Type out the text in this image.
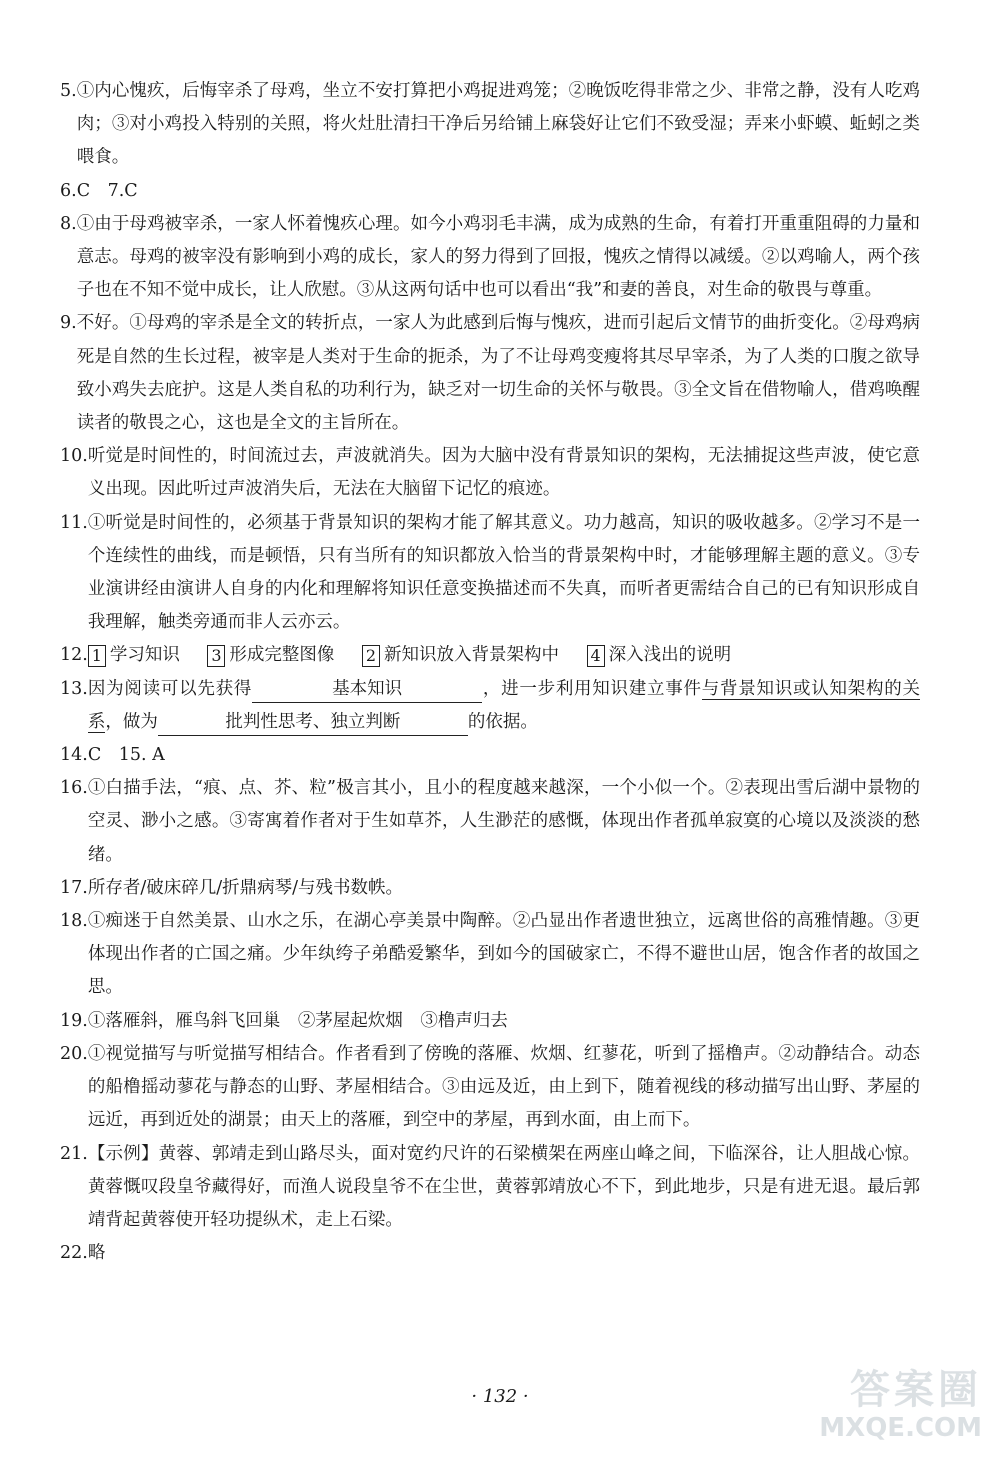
5. ①内心愧疚，后悔宰杀了母鸡，坐立不安打算把小鸡捉进鸡笼；②晚饭吃得非常之少、非常之静，没有人吃鸡肉；③对小鸡投入特别的关照，将火灶肚清扫干净后另给铺上麻袋好让它们不致受湿；弄来小虾蟆、蚯蚓之类喂食。
6. C　7.C
8. ①由于母鸡被宰杀，一家人怀着愧疚心理。如今小鸡羽毛丰满，成为成熟的生命，有着打开重重阻碍的力量和意志。母鸡的被宰没有影响到小鸡的成长，家人的努力得到了回报，愧疚之情得以减缓。②以鸡喻人，两个孩子也在不知不觉中成长，让人欣慰。③从这两句话中也可以看出“我”和妻的善良，对生命的敬畏与尊重。
9. 不好。①母鸡的宰杀是全文的转折点，一家人为此感到后悔与愧疚，进而引起后文情节的曲折变化。②母鸡病死是自然的生长过程，被宰是人类对于生命的扼杀，为了不让母鸡变瘦将其尽早宰杀，为了人类的口腹之欲导致小鸡失去庇护。这是人类自私的功利行为，缺乏对一切生命的关怀与敬畏。③全文旨在借物喻人，借鸡唤醒读者的敬畏之心，这也是全文的主旨所在。
10. 听觉是时间性的，时间流过去，声波就消失。因为大脑中没有背景知识的架构，无法捕捉这些声波，使它意义出现。因此听过声波消失后，无法在大脑留下记忆的痕迹。
11. ①听觉是时间性的，必须基于背景知识的架构才能了解其意义。功力越高，知识的吸收越多。②学习不是一个连续性的曲线，而是顿悟，只有当所有的知识都放入恰当的背景架构中时，才能够理解主题的意义。③专业演讲经由演讲人自身的内化和理解将知识任意变换描述而不失真，而听者更需结合自己的已有知识形成自我理解，触类旁通而非人云亦云。
12. 1 学习知识 3 形成完整图像 2 新知识放入背景架构中 4 深入浅出的说明
13. 因为阅读可以先获得	基本知识	，进一步利用知识建立事件与背景知识或认知架构的关系，做为	批判性思考、独立判断	的依据。
14. C　15. A
16. ①白描手法，“痕、点、芥、粒”极言其小，且小的程度越来越深，一个小似一个。②表现出雪后湖中景物的空灵、渺小之感。③寄寓着作者对于生如草芥，人生渺茫的感慨，体现出作者孤单寂寞的心境以及淡淡的愁绪。
17. 所存者/破床碎几/折鼎病琴/与残书数帙。
18. ①痴迷于自然美景、山水之乐，在湖心亭美景中陶醉。②凸显出作者遗世独立，远离世俗的高雅情趣。③更体现出作者的亡国之痛。少年纨绔子弟酷爱繁华，到如今的国破家亡，不得不避世山居，饱含作者的故国之思。
19. ①落雁斜，雁鸟斜飞回巢　②茅屋起炊烟　③橹声归去
20. ①视觉描写与听觉描写相结合。作者看到了傍晚的落雁、炊烟、红蓼花，听到了摇橹声。②动静结合。动态的船橹摇动蓼花与静态的山野、茅屋相结合。③由远及近，由上到下，随着视线的移动描写出山野、茅屋的远近，再到近处的湖景；由天上的落雁，到空中的茅屋，再到水面，由上而下。
21. 【示例】黄蓉、郭靖走到山路尽头，面对宽约尺许的石梁横架在两座山峰之间，下临深谷，让人胆战心惊。黄蓉慨叹段皇爷藏得好，而渔人说段皇爷不在尘世，黄蓉郭靖放心不下，到此地步，只是有进无退。最后郭靖背起黄蓉使开轻功提纵术，走上石梁。
22. 略
· 132 ·	答案圈
MXQE.COM
